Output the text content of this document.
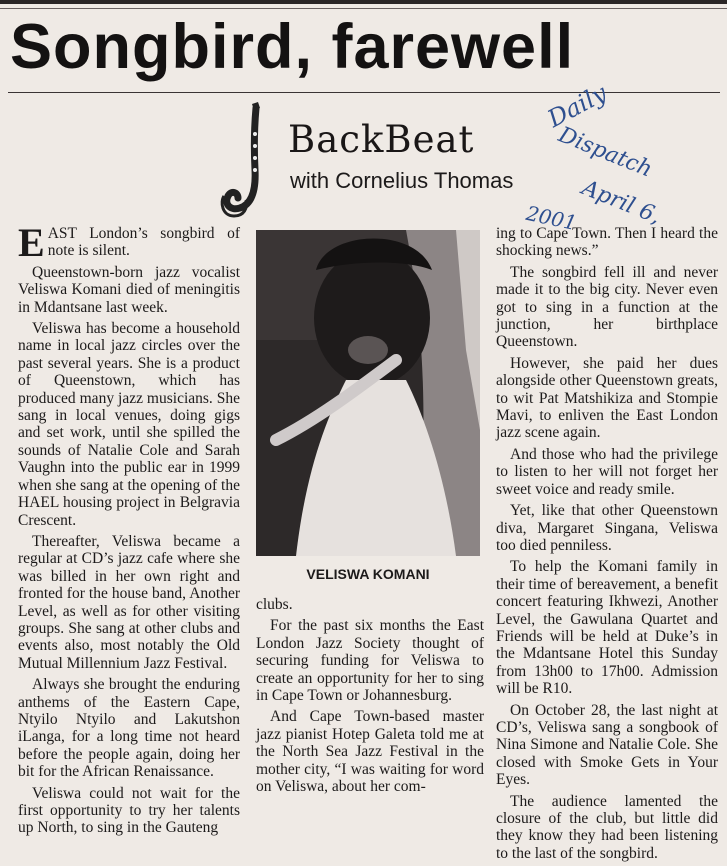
Songbird, farewell
BackBeat
with Cornelius Thomas
Daily
Dispatch
April 6,
2001

EAST London’s songbird of note is silent.

Queenstown-born jazz vocalist Veliswa Komani died of meningitis in Mdantsane last week.

Veliswa has become a household name in local jazz circles over the past several years. She is a product of Queenstown, which has produced many jazz musicians. She sang in local venues, doing gigs and set work, until she spilled the sounds of Natalie Cole and Sarah Vaughn into the public ear in 1999 when she sang at the opening of the HAEL housing project in Belgravia Crescent.

Thereafter, Veliswa became a regular at CD’s jazz cafe where she was billed in her own right and fronted for the house band, Another Level, as well as for other visiting groups. She sang at other clubs and events also, most notably the Old Mutual Millennium Jazz Festival.

Always she brought the enduring anthems of the Eastern Cape, Ntyilo Ntyilo and Lakutshon iLanga, for a long time not heard before the people again, doing her bit for the African Renaissance.

Veliswa could not wait for the first opportunity to try her talents up North, to sing in the Gauteng

VELISWA KOMANI

clubs.

For the past six months the East London Jazz Society thought of securing funding for Veliswa to create an opportunity for her to sing in Cape Town or Johannesburg.

And Cape Town-based master jazz pianist Hotep Galeta told me at the North Sea Jazz Festival in the mother city, “I was waiting for word on Veliswa, about her com-

ing to Cape Town. Then I heard the shocking news.”

The songbird fell ill and never made it to the big city. Never even got to sing in a function at the junction, her birthplace Queenstown.

However, she paid her dues alongside other Queenstown greats, to wit Pat Matshikiza and Stompie Mavi, to enliven the East London jazz scene again.

And those who had the privilege to listen to her will not forget her sweet voice and ready smile.

Yet, like that other Queenstown diva, Margaret Singana, Veliswa too died penniless.

To help the Komani family in their time of bereavement, a benefit concert featuring Ikhwezi, Another Level, the Gawulana Quartet and Friends will be held at Duke’s in the Mdantsane Hotel this Sunday from 13h00 to 17h00. Admission will be R10.

On October 28, the last night at CD’s, Veliswa sang a songbook of Nina Simone and Natalie Cole. She closed with Smoke Gets in Your Eyes.

The audience lamented the closure of the club, but little did they know they had been listening to the last of the songbird.
